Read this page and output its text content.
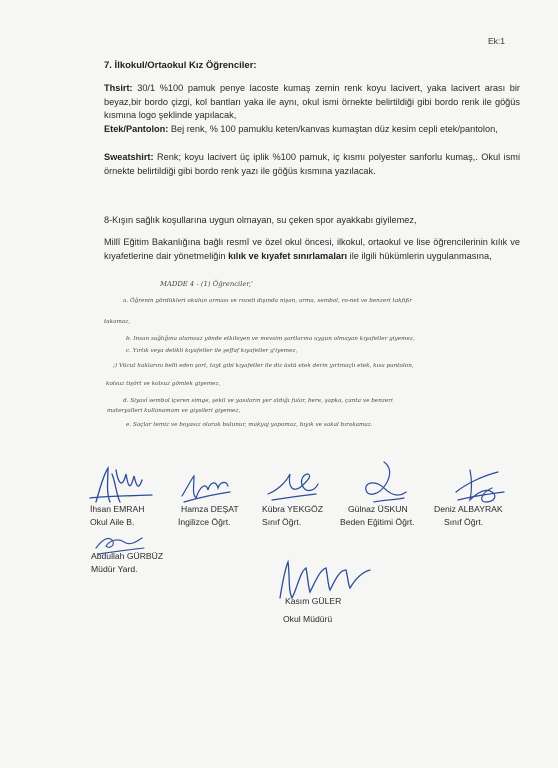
Ek:1
7. İlkokul/Ortaokul Kız Öğrenciler:
Thsirt: 30/1 %100 pamuk penye lacoste kumaş zemin renk koyu lacivert, yaka lacivert arası bir beyaz,bir bordo çizgi, kol bantları yaka ile aynı, okul ismi örnekte belirtildiği gibi bordo renk ile göğüs kısmına logo şeklinde yapılacak,
Etek/Pantolon: Bej renk, % 100 pamuklu keten/kanvas kumaştan düz kesim cepli etek/pantolon,
Sweatshirt: Renk; koyu lacivert üç iplik %100 pamuk, iç kısmı polyester sanforlu kumaş,. Okul ismi örnekte belirtildiği gibi bordo renk yazı ile göğüs kısmına yazılacak.
8-Kışın sağlık koşullarına uygun olmayan, su çeken spor ayakkabı giyilemez,
Millî Eğitim Bakanlığına bağlı resmî ve özel okul öncesi, ilkokul, ortaokul ve lise öğrencilerinin kılık ve kıyafetlerine dair yönetmeliğin kılık ve kıyafet sınırlamaları ile ilgili hükümlerin uygulanmasına,
MADDE 4 - (1) Öğrenciler,'
a. Öğrenin gördükleri okulun arması ve rozeti dışında nişan, arma, sembol, ro-net ve benzeri takfißr
takamaz,
b. Insan sağlığına olumsuz yönde etkileyen ve mevsim şartlarına uygun olmayan kıyafetler giyemez,
c. Yırtık veya delikli kıyafetler ile şeffaf kıyafetler g'iyemez,
;) Vücut haklarını belli eden şort, tayt gibi kıyafetler ile diz üstü etek derin yırtmaçlı etek, kısa pantolon,
kolsuz tişört ve kolsuz gömlek giyemez,
d. Siyasî sembol içeren simge, şekil ve yasıların yer aldığı fular, bere, şapka, çanta ve benzeri
materyalleri kullanamam ve giysileri giyemez,
e. Saçlar temiz ve boyasız olarak bulunur, makyaj yapamaz, bıyık ve sakal bırakamaz.
İhsan EMRAH
Okul Aile B.
Hamza DEŞAT
İngilizce Öğrt.
Kübra YEKGÖZ
Sınıf Öğrt.
Gülnaz ÜSKUN
Beden Eğitimi Öğrt.
Deniz ALBAYRAK
Sınıf Öğrt.
Abdullah GÜRBÜZ
Müdür Yard.
Kasım GÜLER
Okul Müdürü
